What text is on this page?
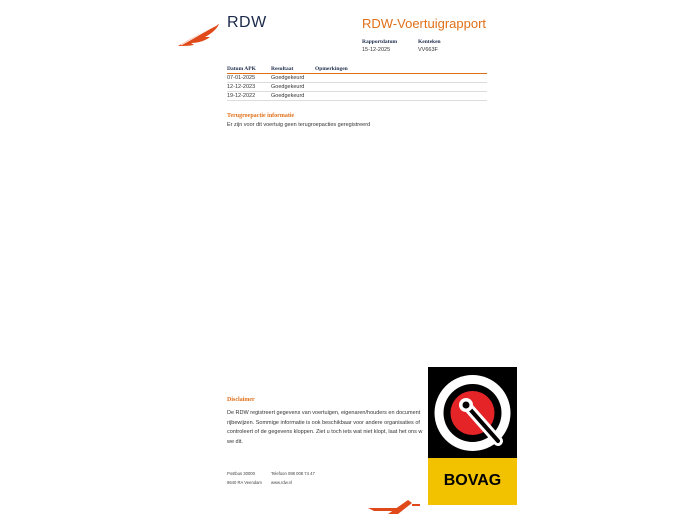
RDW	RDW-Voertuigrapport
Rapportdatum
15-12-2025
Kenteken
VV663F
Datum APK	Resultaat	Opmerkingen
07-01-2025	Goedgekeurd
12-12-2023	Goedgekeurd
19-12-2022	Goedgekeurd
Terugroepactie informatie
Er zijn voor dit voertuig geen terugroepacties geregistreerd
Disclaimer
De RDW registreert gegevens van voertuigen, eigenaren/houders en document
rijbewijzen. Sommige informatie is ook beschikbaar voor andere organisaties of
controleert of de gegevens kloppen. Ziet u toch iets wat niet klopt, laat het ons w
we dit.
Postbus 30000
9640 RA Veendam
Telefoon 088 008 74 47
www.rdw.nl	BOVAG
